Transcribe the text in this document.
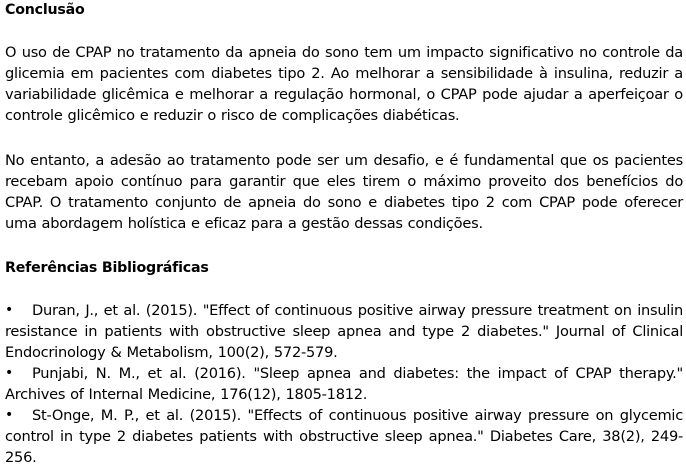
Conclusão

O uso de CPAP no tratamento da apneia do sono tem um impacto significativo no controle da glicemia em pacientes com diabetes tipo 2. Ao melhorar a sensibilidade à insulina, reduzir a variabilidade glicêmica e melhorar a regulação hormonal, o CPAP pode ajudar a aperfeiçoar o controle glicêmico e reduzir o risco de complicações diabéticas.

No entanto, a adesão ao tratamento pode ser um desafio, e é fundamental que os pacientes recebam apoio contínuo para garantir que eles tirem o máximo proveito dos benefícios do CPAP. O tratamento conjunto de apneia do sono e diabetes tipo 2 com CPAP pode oferecer uma abordagem holística e eficaz para a gestão dessas condições.

Referências Bibliográficas
• Duran, J., et al. (2015). "Effect of continuous positive airway pressure treatment on insulin resistance in patients with obstructive sleep apnea and type 2 diabetes." Journal of Clinical Endocrinology & Metabolism, 100(2), 572-579.
• Punjabi, N. M., et al. (2016). "Sleep apnea and diabetes: the impact of CPAP therapy." Archives of Internal Medicine, 176(12), 1805-1812.
• St-Onge, M. P., et al. (2015). "Effects of continuous positive airway pressure on glycemic control in type 2 diabetes patients with obstructive sleep apnea." Diabetes Care, 38(2), 249-256.
